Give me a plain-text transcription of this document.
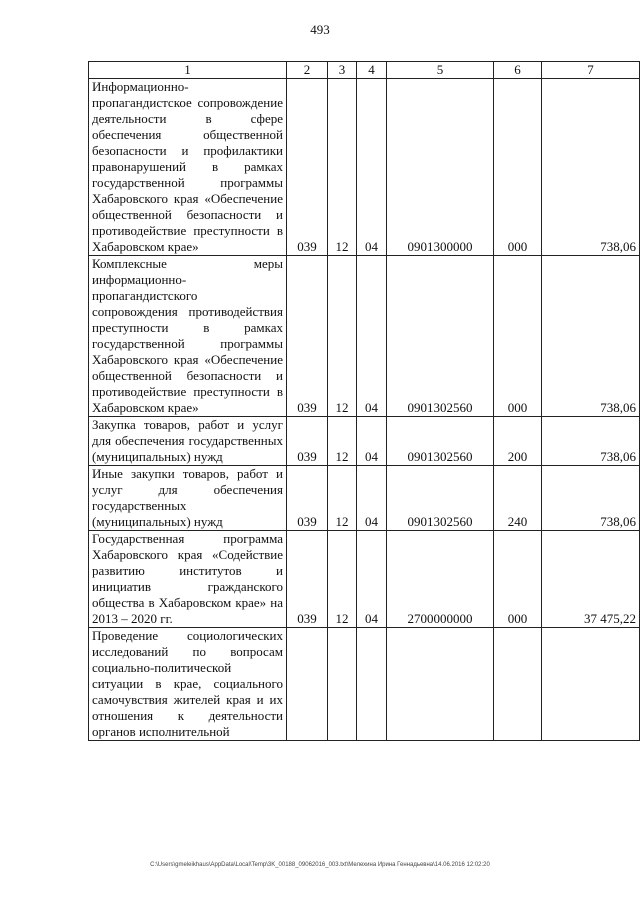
493
1	2	3	4	5	6	7
Информационно-пропагандистское сопровождение деятельности в сфере обеспечения общественной безопасности и профилактики правонарушений в рамках государственной программы Хабаровского края «Обеспечение общественной безопасности и противодействие преступности в Хабаровском крае»	039	12	04	0901300000	000	738,06
Комплексные меры информационно-пропагандистского сопровождения противодействия преступности в рамках государственной программы Хабаровского края «Обеспечение общественной безопасности и противодействие преступности в Хабаровском крае»	039	12	04	0901302560	000	738,06
Закупка товаров, работ и услуг для обеспечения государственных (муниципальных) нужд	039	12	04	0901302560	200	738,06
Иные закупки товаров, работ и услуг для обеспечения государственных (муниципальных) нужд	039	12	04	0901302560	240	738,06
Государственная программа Хабаровского края «Содействие развитию институтов и инициатив гражданского общества в Хабаровском крае» на 2013 – 2020 гг.	039	12	04	2700000000	000	37 475,22
Проведение социологических исследований по вопросам социально-политической ситуации в крае, социального самочувствия жителей края и их отношения к деятельности органов исполнительной						
C:\Users\gmeleikhaus\AppData\Local\Temp\3K_00188_09062016_003.txt\Мелехина Ирина Геннадьевна\14.06.2016 12:02:20
